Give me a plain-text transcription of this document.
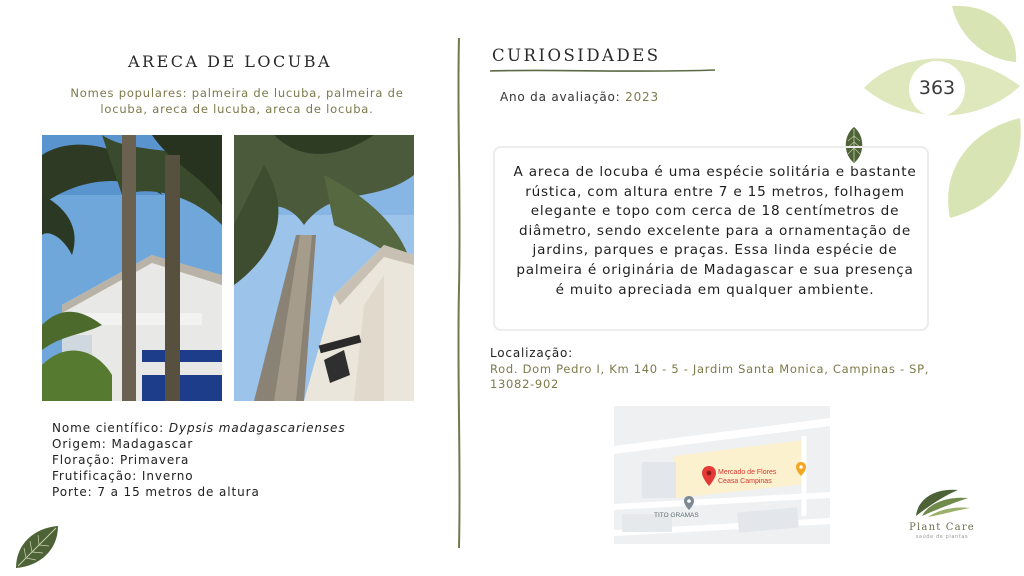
363
ARECA DE LOCUBA
Nomes populares: palmeira de lucuba, palmeira de locuba, areca de lucuba, areca de locuba.
Nome científico: Dypsis madagascarienses
Origem: Madagascar
Floração: Primavera
Frutificação: Inverno
Porte: 7 a 15 metros de altura
CURIOSIDADES
Ano da avaliação: 2023
A areca de locuba é uma espécie solitária e bastante rústica, com altura entre 7 e 15 metros, folhagem elegante e topo com cerca de 18 centímetros de diâmetro, sendo excelente para a ornamentação de jardins, parques e praças. Essa linda espécie de palmeira é originária de Madagascar e sua presença é muito apreciada em qualquer ambiente.
Localização:
Rod. Dom Pedro I, Km 140 - 5 - Jardim Santa Monica, Campinas - SP, 13082-902
Mercado de Flores
Ceasa Campinas
TITO GRAMAS
Plant Care
saúde de plantas
